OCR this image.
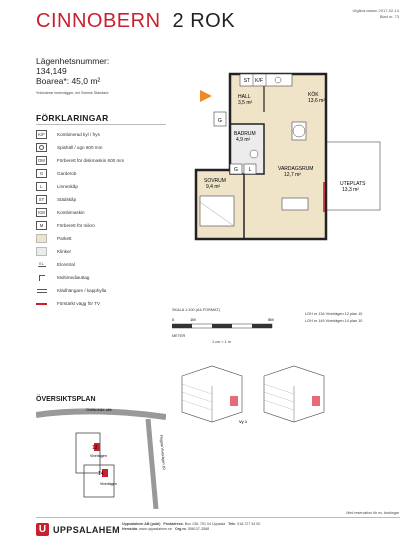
CINNOBERN 2 ROK	Utgåva datum 2017-02-14
Blad nr. 73
Lägenhetsnummer:
134,149
Boarea*: 45,0 m²
*Inkluderar innervägger, enl Svensk Standard
FÖRKLARINGAR
K/F	Kombinerad kyl / frys
Spishäll / ugn 600 mm
DM	Förberett för diskmaskin 600 mm
G	Garderob
L	Linneskåp
ST	Städskåp
KM	Kombimaskin
M	Förberett för mikro
Parkett
Klinker
EL	Elcentral
Multimediauttag
Klädhängare / kapphylla
Förstärkt vägg för TV
ST K/F
G
G L
HALL
3,5 m²
KÖK
13,6 m²
BADRUM
4,9 m²
SOVRUM
9,4 m²
VARDAGSRUM
12,7 m²
UTEPLATS
13,3 m²
SKALA 1:100 (A4-FORMAT)
0	1M	5M
METER
1 cm = 1 m
LGH nr 134 Viveirägen 12 plan 10
LGH nr 149 Viveirägen 14 plan 10
Vy 1
ÖVERSIKTSPLAN
Gottsunda allé
Flogsta Viveirägen 10
12
14
Viveirägen
Viveirägen
Med reservation för ev. ändringar
U UPPSALAHEM
Uppsalahem AB (publ) Postadress: Box 136, 751 04 Uppsala Tele: 018-727 34 00
Hemsida: www.uppsalahem.se Org.nr: 556137-3588
